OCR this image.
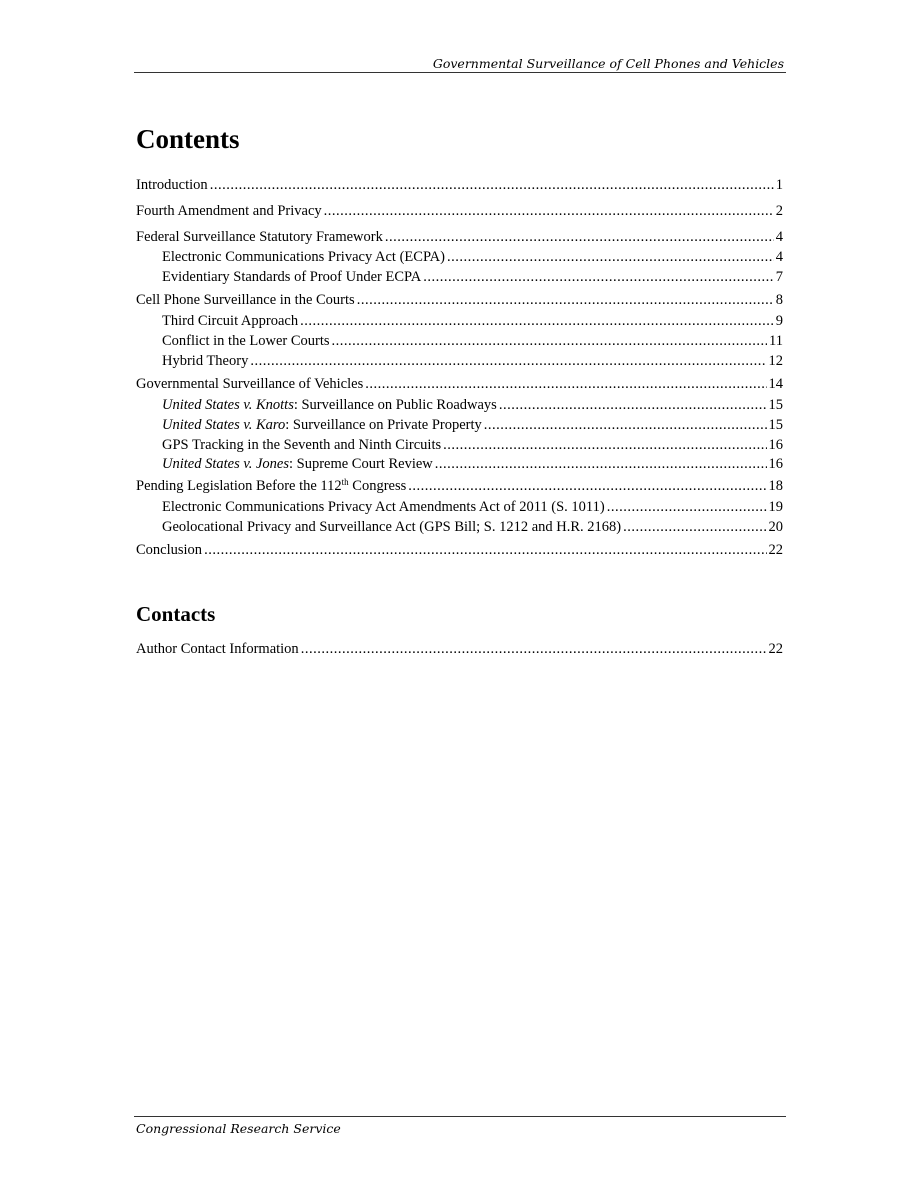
Governmental Surveillance of Cell Phones and Vehicles
Contents
Introduction .....	1
Fourth Amendment and Privacy .....	2
Federal Surveillance Statutory Framework .....	4
Electronic Communications Privacy Act (ECPA) .....	4
Evidentiary Standards of Proof Under ECPA .....	7
Cell Phone Surveillance in the Courts .....	8
Third Circuit Approach .....	9
Conflict in the Lower Courts .....	11
Hybrid Theory .....	12
Governmental Surveillance of Vehicles .....	14
United States v. Knotts: Surveillance on Public Roadways .....	15
United States v. Karo: Surveillance on Private Property .....	15
GPS Tracking in the Seventh and Ninth Circuits .....	16
United States v. Jones: Supreme Court Review .....	16
Pending Legislation Before the 112th Congress .....	18
Electronic Communications Privacy Act Amendments Act of 2011 (S. 1011) .....	19
Geolocational Privacy and Surveillance Act (GPS Bill; S. 1212 and H.R. 2168) .....	20
Conclusion .....	22
Contacts
Author Contact Information .....	22
Congressional Research Service
